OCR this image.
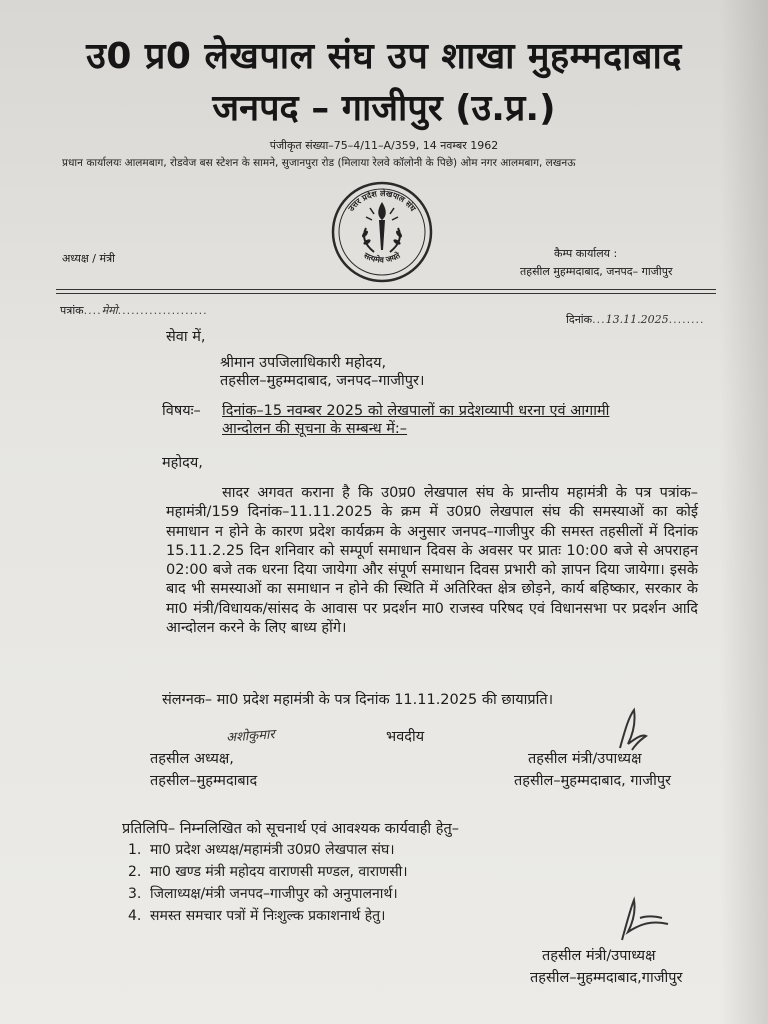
उ0 प्र0 लेखपाल संघ उप शाखा मुहम्मदाबाद
जनपद – गाजीपुर (उ.प्र.)
पंजीकृत संख्या–75–4/11–A/359, 14 नवम्बर 1962
प्रधान कार्यालयः आलमबाग, रोडवेज बस स्टेशन के सामने, सुजानपुरा रोड (मिलाया रेलवे कॉलोनी के पिछे) ओम नगर आलमबाग, लखनऊ
उत्तर प्रदेश लेखपाल संघ
सत्यमेव जयते
अध्यक्ष / मंत्री	कैम्प कार्यालय :
तहसील मुहम्मदाबाद, जनपद– गाजीपुर
पत्रांक....मेमो....................
दिनांक...13.11.2025........
सेवा में,
श्रीमान उपजिलाधिकारी महोदय,
तहसील–मुहम्मदाबाद, जनपद–गाजीपुर।
विषयः– दिनांक–15 नवम्बर 2025 को लेखपालों का प्रदेशव्यापी धरना एवं आगामी
आन्दोलन की सूचना के सम्बन्ध में:–
महोदय,
सादर अगवत कराना है कि उ0प्र0 लेखपाल संघ के प्रान्तीय महामंत्री के पत्र पत्रांक–महामंत्री/159 दिनांक–11.11.2025 के क्रम में उ0प्र0 लेखपाल संघ की समस्याओं का कोई समाधान न होने के कारण प्रदेश कार्यक्रम के अनुसार जनपद–गाजीपुर की समस्त तहसीलों में दिनांक 15.11.2.25 दिन शनिवार को सम्पूर्ण समाधान दिवस के अवसर पर प्रातः 10:00 बजे से अपराहन 02:00 बजे तक धरना दिया जायेगा और संपूर्ण समाधान दिवस प्रभारी को ज्ञापन दिया जायेगा। इसके बाद भी समस्याओं का समाधान न होने की स्थिति में अतिरिक्त क्षेत्र छोड़ने, कार्य बहिष्कार, सरकार के मा0 मंत्री/विधायक/सांसद के आवास पर प्रदर्शन मा0 राजस्व परिषद एवं विधानसभा पर प्रदर्शन आदि आन्दोलन करने के लिए बाध्य होंगे।
संलग्नक– मा0 प्रदेश महामंत्री के पत्र दिनांक 11.11.2025 की छायाप्रति।
अशोकुमार	भवदीय
तहसील अध्यक्ष,
तहसील–मुहम्मदाबाद
तहसील मंत्री/उपाध्यक्ष
तहसील–मुहम्मदाबाद, गाजीपुर
प्रतिलिपि– निम्नलिखित को सूचनार्थ एवं आवश्यक कार्यवाही हेतु–
1. मा0 प्रदेश अध्यक्ष/महामंत्री उ0प्र0 लेखपाल संघ।
2. मा0 खण्ड मंत्री महोदय वाराणसी मण्डल, वाराणसी।
3. जिलाध्यक्ष/मंत्री जनपद–गाजीपुर को अनुपालनार्थ।
4. समस्त समचार पत्रों में निःशुल्क प्रकाशनार्थ हेतु।
तहसील मंत्री/उपाध्यक्ष
तहसील–मुहम्मदाबाद,गाजीपुर
